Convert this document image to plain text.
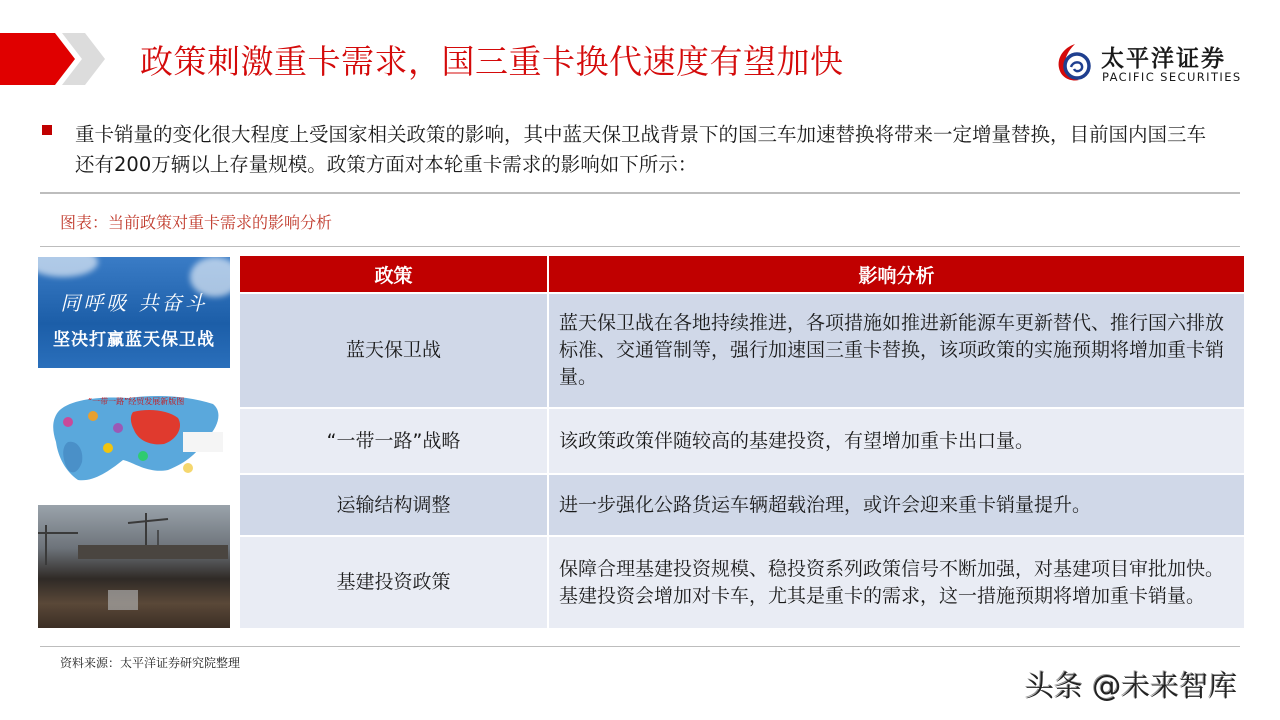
政策刺激重卡需求，国三重卡换代速度有望加快	太平洋证券
PACIFIC SECURITIES
重卡销量的变化很大程度上受国家相关政策的影响，其中蓝天保卫战背景下的国三车加速替换将带来一定增量替换，目前国内国三车还有200万辆以上存量规模。政策方面对本轮重卡需求的影响如下所示：
图表：当前政策对重卡需求的影响分析
同呼吸 共奋斗
坚决打赢蓝天保卫战
“一带一路”经贸发展新版图
政策	影响分析
蓝天保卫战	蓝天保卫战在各地持续推进，各项措施如推进新能源车更新替代、推行国六排放标准、交通管制等，强行加速国三重卡替换，该项政策的实施预期将增加重卡销量。
“一带一路”战略	该政策政策伴随较高的基建投资，有望增加重卡出口量。
运输结构调整	进一步强化公路货运车辆超载治理，或许会迎来重卡销量提升。
基建投资政策	保障合理基建投资规模、稳投资系列政策信号不断加强，对基建项目审批加快。基建投资会增加对卡车，尤其是重卡的需求，这一措施预期将增加重卡销量。
资料来源：太平洋证券研究院整理
头条 @未来智库
